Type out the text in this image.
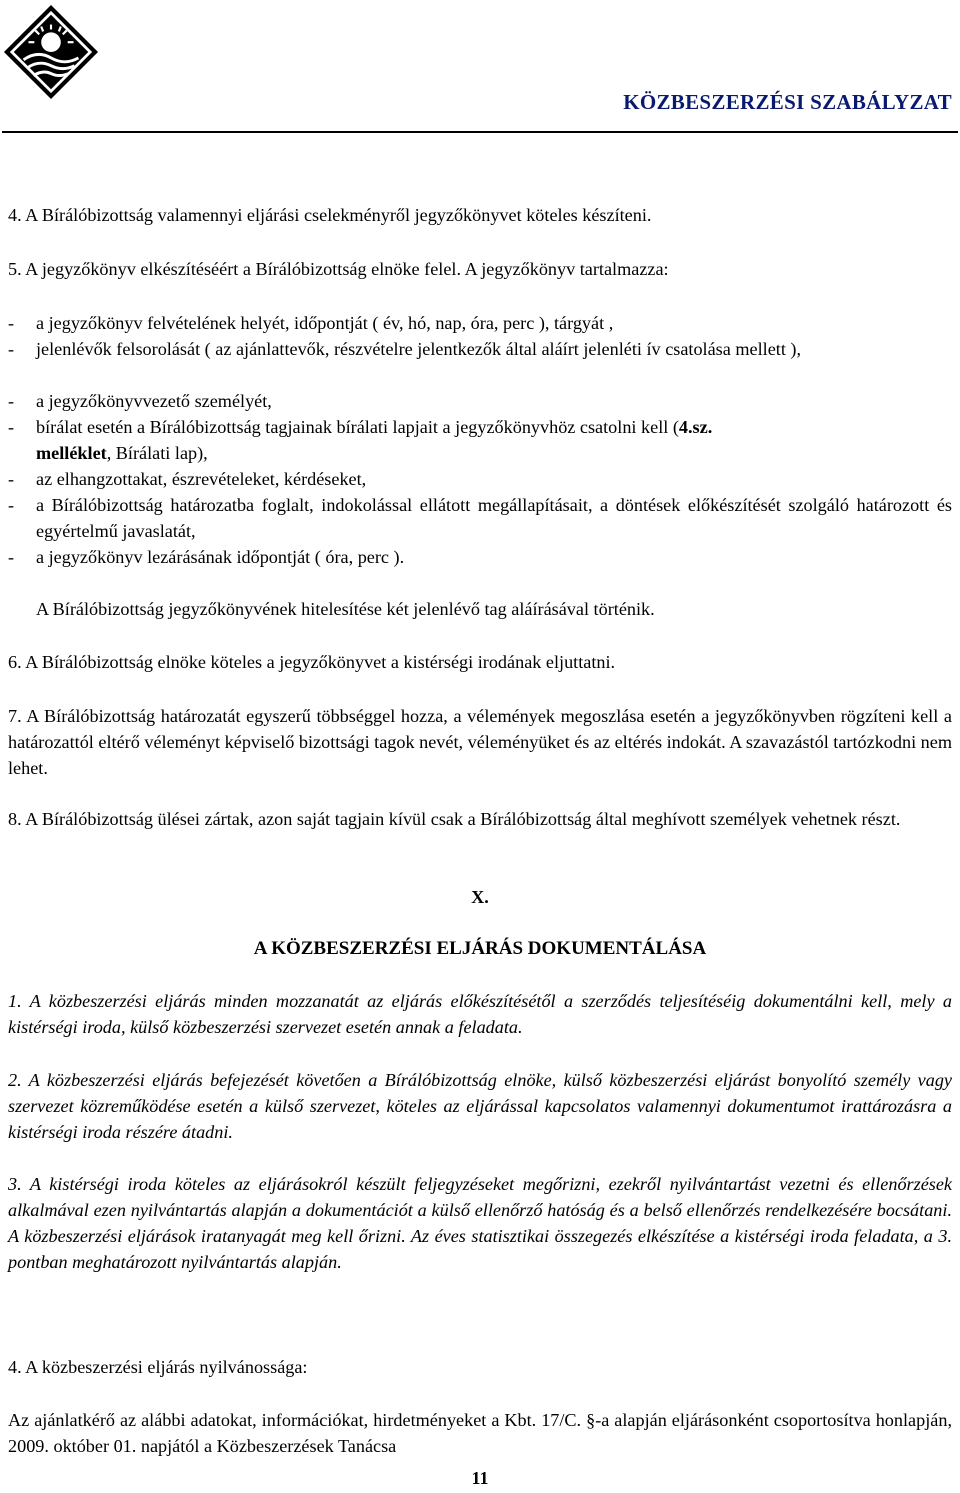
KÖZBESZERZÉSI SZABÁLYZAT
4. A Bírálóbizottság valamennyi eljárási cselekményről jegyzőkönyvet köteles készíteni.
5. A jegyzőkönyv elkészítéséért a Bírálóbizottság elnöke felel. A jegyzőkönyv tartalmazza:
- a jegyzőkönyv felvételének helyét, időpontját ( év, hó, nap, óra, perc ), tárgyát ,
- jelenlévők felsorolását ( az ajánlattevők, részvételre jelentkezők által aláírt jelenléti ív csatolása mellett ),
- a jegyzőkönyvvezető személyét,
- bírálat esetén a Bírálóbizottság tagjainak bírálati lapjait a jegyzőkönyvhöz csatolni kell (4.sz.
melléklet, Bírálati lap),
- az elhangzottakat, észrevételeket, kérdéseket,
- a Bírálóbizottság határozatba foglalt, indokolással ellátott megállapításait, a döntések előkészítését szolgáló határozott és egyértelmű javaslatát,
- a jegyzőkönyv lezárásának időpontját ( óra, perc ).
A Bírálóbizottság jegyzőkönyvének hitelesítése két jelenlévő tag aláírásával történik.
6. A Bírálóbizottság elnöke köteles a jegyzőkönyvet a kistérségi irodának eljuttatni.
7. A Bírálóbizottság határozatát egyszerű többséggel hozza, a vélemények megoszlása esetén a jegyzőkönyvben rögzíteni kell a határozattól eltérő véleményt képviselő bizottsági tagok nevét, véleményüket és az eltérés indokát. A szavazástól tartózkodni nem lehet.
8. A Bírálóbizottság ülései zártak, azon saját tagjain kívül csak a Bírálóbizottság által meghívott személyek vehetnek részt.
X.
A KÖZBESZERZÉSI ELJÁRÁS DOKUMENTÁLÁSA
1. A közbeszerzési eljárás minden mozzanatát az eljárás előkészítésétől a szerződés teljesítéséig dokumentálni kell, mely a kistérségi iroda, külső közbeszerzési szervezet esetén annak a feladata.
2. A közbeszerzési eljárás befejezését követően a Bírálóbizottság elnöke, külső közbeszerzési eljárást bonyolító személy vagy szervezet közreműködése esetén a külső szervezet, köteles az eljárással kapcsolatos valamennyi dokumentumot irattározásra a kistérségi iroda részére átadni.
3. A kistérségi iroda köteles az eljárásokról készült feljegyzéseket megőrizni, ezekről nyilvántartást vezetni és ellenőrzések alkalmával ezen nyilvántartás alapján a dokumentációt a külső ellenőrző hatóság és a belső ellenőrzés rendelkezésére bocsátani. A közbeszerzési eljárások iratanyagát meg kell őrizni. Az éves statisztikai összegezés elkészítése a kistérségi iroda feladata, a 3. pontban meghatározott nyilvántartás alapján.
4. A közbeszerzési eljárás nyilvánossága:
Az ajánlatkérő az alábbi adatokat, információkat, hirdetményeket a Kbt. 17/C. §-a alapján eljárásonként csoportosítva honlapján, 2009. október 01. napjától a Közbeszerzések Tanácsa
11
